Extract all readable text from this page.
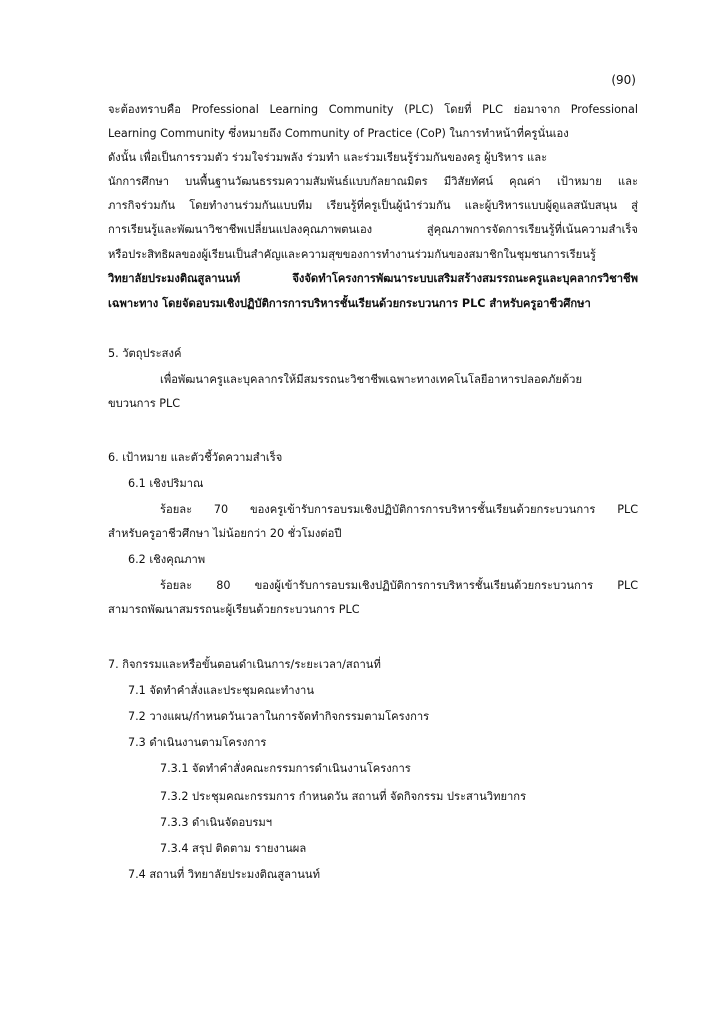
(90)
จะต้องทราบคือ Professional Learning Community (PLC) โดยที่ PLC ย่อมาจาก Professional
Learning Community ซึ่งหมายถึง Community of Practice (CoP) ในการทำหน้าที่ครูนั่นเอง
ดังนั้น เพื่อเป็นการรวมตัว ร่วมใจร่วมพลัง ร่วมทำ และร่วมเรียนรู้ร่วมกันของครู ผู้บริหาร และ
นักการศึกษา บนพื้นฐานวัฒนธรรมความสัมพันธ์แบบกัลยาณมิตร มีวิสัยทัศน์ คุณค่า เป้าหมาย และ
ภารกิจร่วมกัน โดยทำงานร่วมกันแบบทีม เรียนรู้ที่ครูเป็นผู้นำร่วมกัน และผู้บริหารแบบผู้ดูแลสนับสนุน สู่
การเรียนรู้และพัฒนาวิชาชีพเปลี่ยนแปลงคุณภาพตนเอง สู่คุณภาพการจัดการเรียนรู้ที่เน้นความสำเร็จ
หรือประสิทธิผลของผู้เรียนเป็นสำคัญและความสุขของการทำงานร่วมกันของสมาชิกในชุมชนการเรียนรู้
วิทยาลัยประมงติณสูลานนท์ จึงจัดทำโครงการพัฒนาระบบเสริมสร้างสมรรถนะครูและบุคลากรวิชาชีพ
เฉพาะทาง โดยจัดอบรมเชิงปฏิบัติการการบริหารชั้นเรียนด้วยกระบวนการ PLC สำหรับครูอาชีวศึกษา
5. วัตถุประสงค์
เพื่อพัฒนาครูและบุคลากรให้มีสมรรถนะวิชาชีพเฉพาะทางเทคโนโลยีอาหารปลอดภัยด้วย
ขบวนการ PLC
6. เป้าหมาย และตัวชี้วัดความสำเร็จ
6.1 เชิงปริมาณ
ร้อยละ 70 ของครูเข้ารับการอบรมเชิงปฏิบัติการการบริหารชั้นเรียนด้วยกระบวนการ PLC
สำหรับครูอาชีวศึกษา ไม่น้อยกว่า 20 ชั่วโมงต่อปี
6.2 เชิงคุณภาพ
ร้อยละ 80 ของผู้เข้ารับการอบรมเชิงปฏิบัติการการบริหารชั้นเรียนด้วยกระบวนการ PLC
สามารถพัฒนาสมรรถนะผู้เรียนด้วยกระบวนการ PLC
7. กิจกรรมและหรือขั้นตอนดำเนินการ/ระยะเวลา/สถานที่
7.1 จัดทำคำสั่งและประชุมคณะทำงาน
7.2 วางแผน/กำหนดวันเวลาในการจัดทำกิจกรรมตามโครงการ
7.3 ดำเนินงานตามโครงการ
7.3.1 จัดทำคำสั่งคณะกรรมการดำเนินงานโครงการ
7.3.2 ประชุมคณะกรรมการ กำหนดวัน สถานที่ จัดกิจกรรม ประสานวิทยากร
7.3.3 ดำเนินจัดอบรมฯ
7.3.4 สรุป ติดตาม รายงานผล
7.4 สถานที่ วิทยาลัยประมงติณสูลานนท์
